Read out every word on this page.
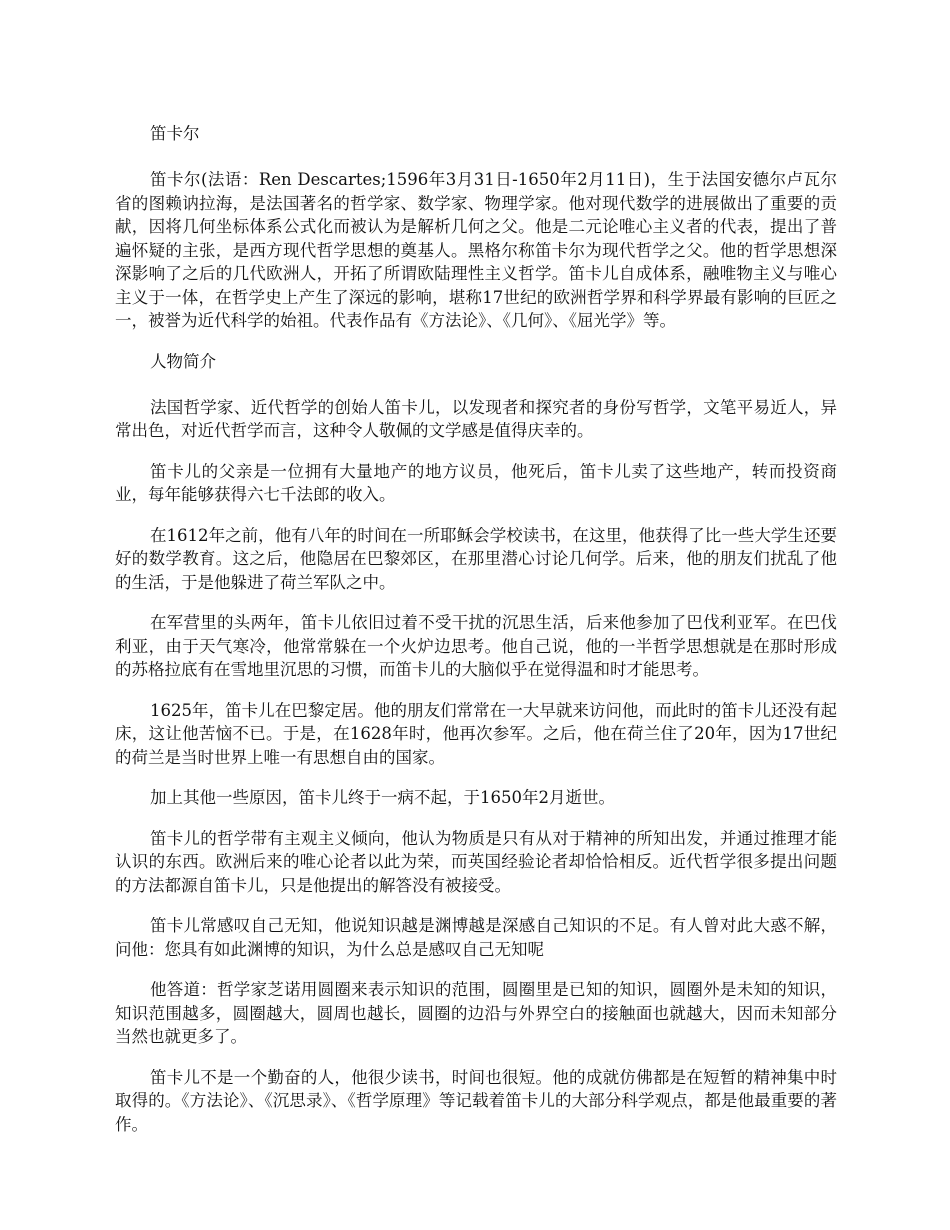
笛卡尔

笛卡尔(法语：Ren Descartes;1596年3月31日-1650年2月11日)，生于法国安德尔卢瓦尔省的图赖讷拉海，是法国著名的哲学家、数学家、物理学家。他对现代数学的进展做出了重要的贡献，因将几何坐标体系公式化而被认为是解析几何之父。他是二元论唯心主义者的代表，提出了普遍怀疑的主张，是西方现代哲学思想的奠基人。黑格尔称笛卡尔为现代哲学之父。他的哲学思想深深影响了之后的几代欧洲人，开拓了所谓欧陆理性主义哲学。笛卡儿自成体系，融唯物主义与唯心主义于一体，在哲学史上产生了深远的影响，堪称17世纪的欧洲哲学界和科学界最有影响的巨匠之一，被誉为近代科学的始祖。代表作品有《方法论》、《几何》、《屈光学》等。

人物简介

法国哲学家、近代哲学的创始人笛卡儿，以发现者和探究者的身份写哲学，文笔平易近人，异常出色，对近代哲学而言，这种令人敬佩的文学感是值得庆幸的。

笛卡儿的父亲是一位拥有大量地产的地方议员，他死后，笛卡儿卖了这些地产，转而投资商业，每年能够获得六七千法郎的收入。

在1612年之前，他有八年的时间在一所耶稣会学校读书，在这里，他获得了比一些大学生还要好的数学教育。这之后，他隐居在巴黎郊区，在那里潜心讨论几何学。后来，他的朋友们扰乱了他的生活，于是他躲进了荷兰军队之中。

在军营里的头两年，笛卡儿依旧过着不受干扰的沉思生活，后来他参加了巴伐利亚军。在巴伐利亚，由于天气寒冷，他常常躲在一个火炉边思考。他自己说，他的一半哲学思想就是在那时形成的苏格拉底有在雪地里沉思的习惯，而笛卡儿的大脑似乎在觉得温和时才能思考。

1625年，笛卡儿在巴黎定居。他的朋友们常常在一大早就来访问他，而此时的笛卡儿还没有起床，这让他苦恼不已。于是，在1628年时，他再次参军。之后，他在荷兰住了20年，因为17世纪的荷兰是当时世界上唯一有思想自由的国家。

加上其他一些原因，笛卡儿终于一病不起，于1650年2月逝世。

笛卡儿的哲学带有主观主义倾向，他认为物质是只有从对于精神的所知出发，并通过推理才能认识的东西。欧洲后来的唯心论者以此为荣，而英国经验论者却恰恰相反。近代哲学很多提出问题的方法都源自笛卡儿，只是他提出的解答没有被接受。

笛卡儿常感叹自己无知，他说知识越是渊博越是深感自己知识的不足。有人曾对此大惑不解，问他：您具有如此渊博的知识，为什么总是感叹自己无知呢

他答道：哲学家芝诺用圆圈来表示知识的范围，圆圈里是已知的知识，圆圈外是未知的知识，知识范围越多，圆圈越大，圆周也越长，圆圈的边沿与外界空白的接触面也就越大，因而未知部分当然也就更多了。

笛卡儿不是一个勤奋的人，他很少读书，时间也很短。他的成就仿佛都是在短暂的精神集中时取得的。《方法论》、《沉思录》、《哲学原理》等记载着笛卡儿的大部分科学观点，都是他最重要的著作。
